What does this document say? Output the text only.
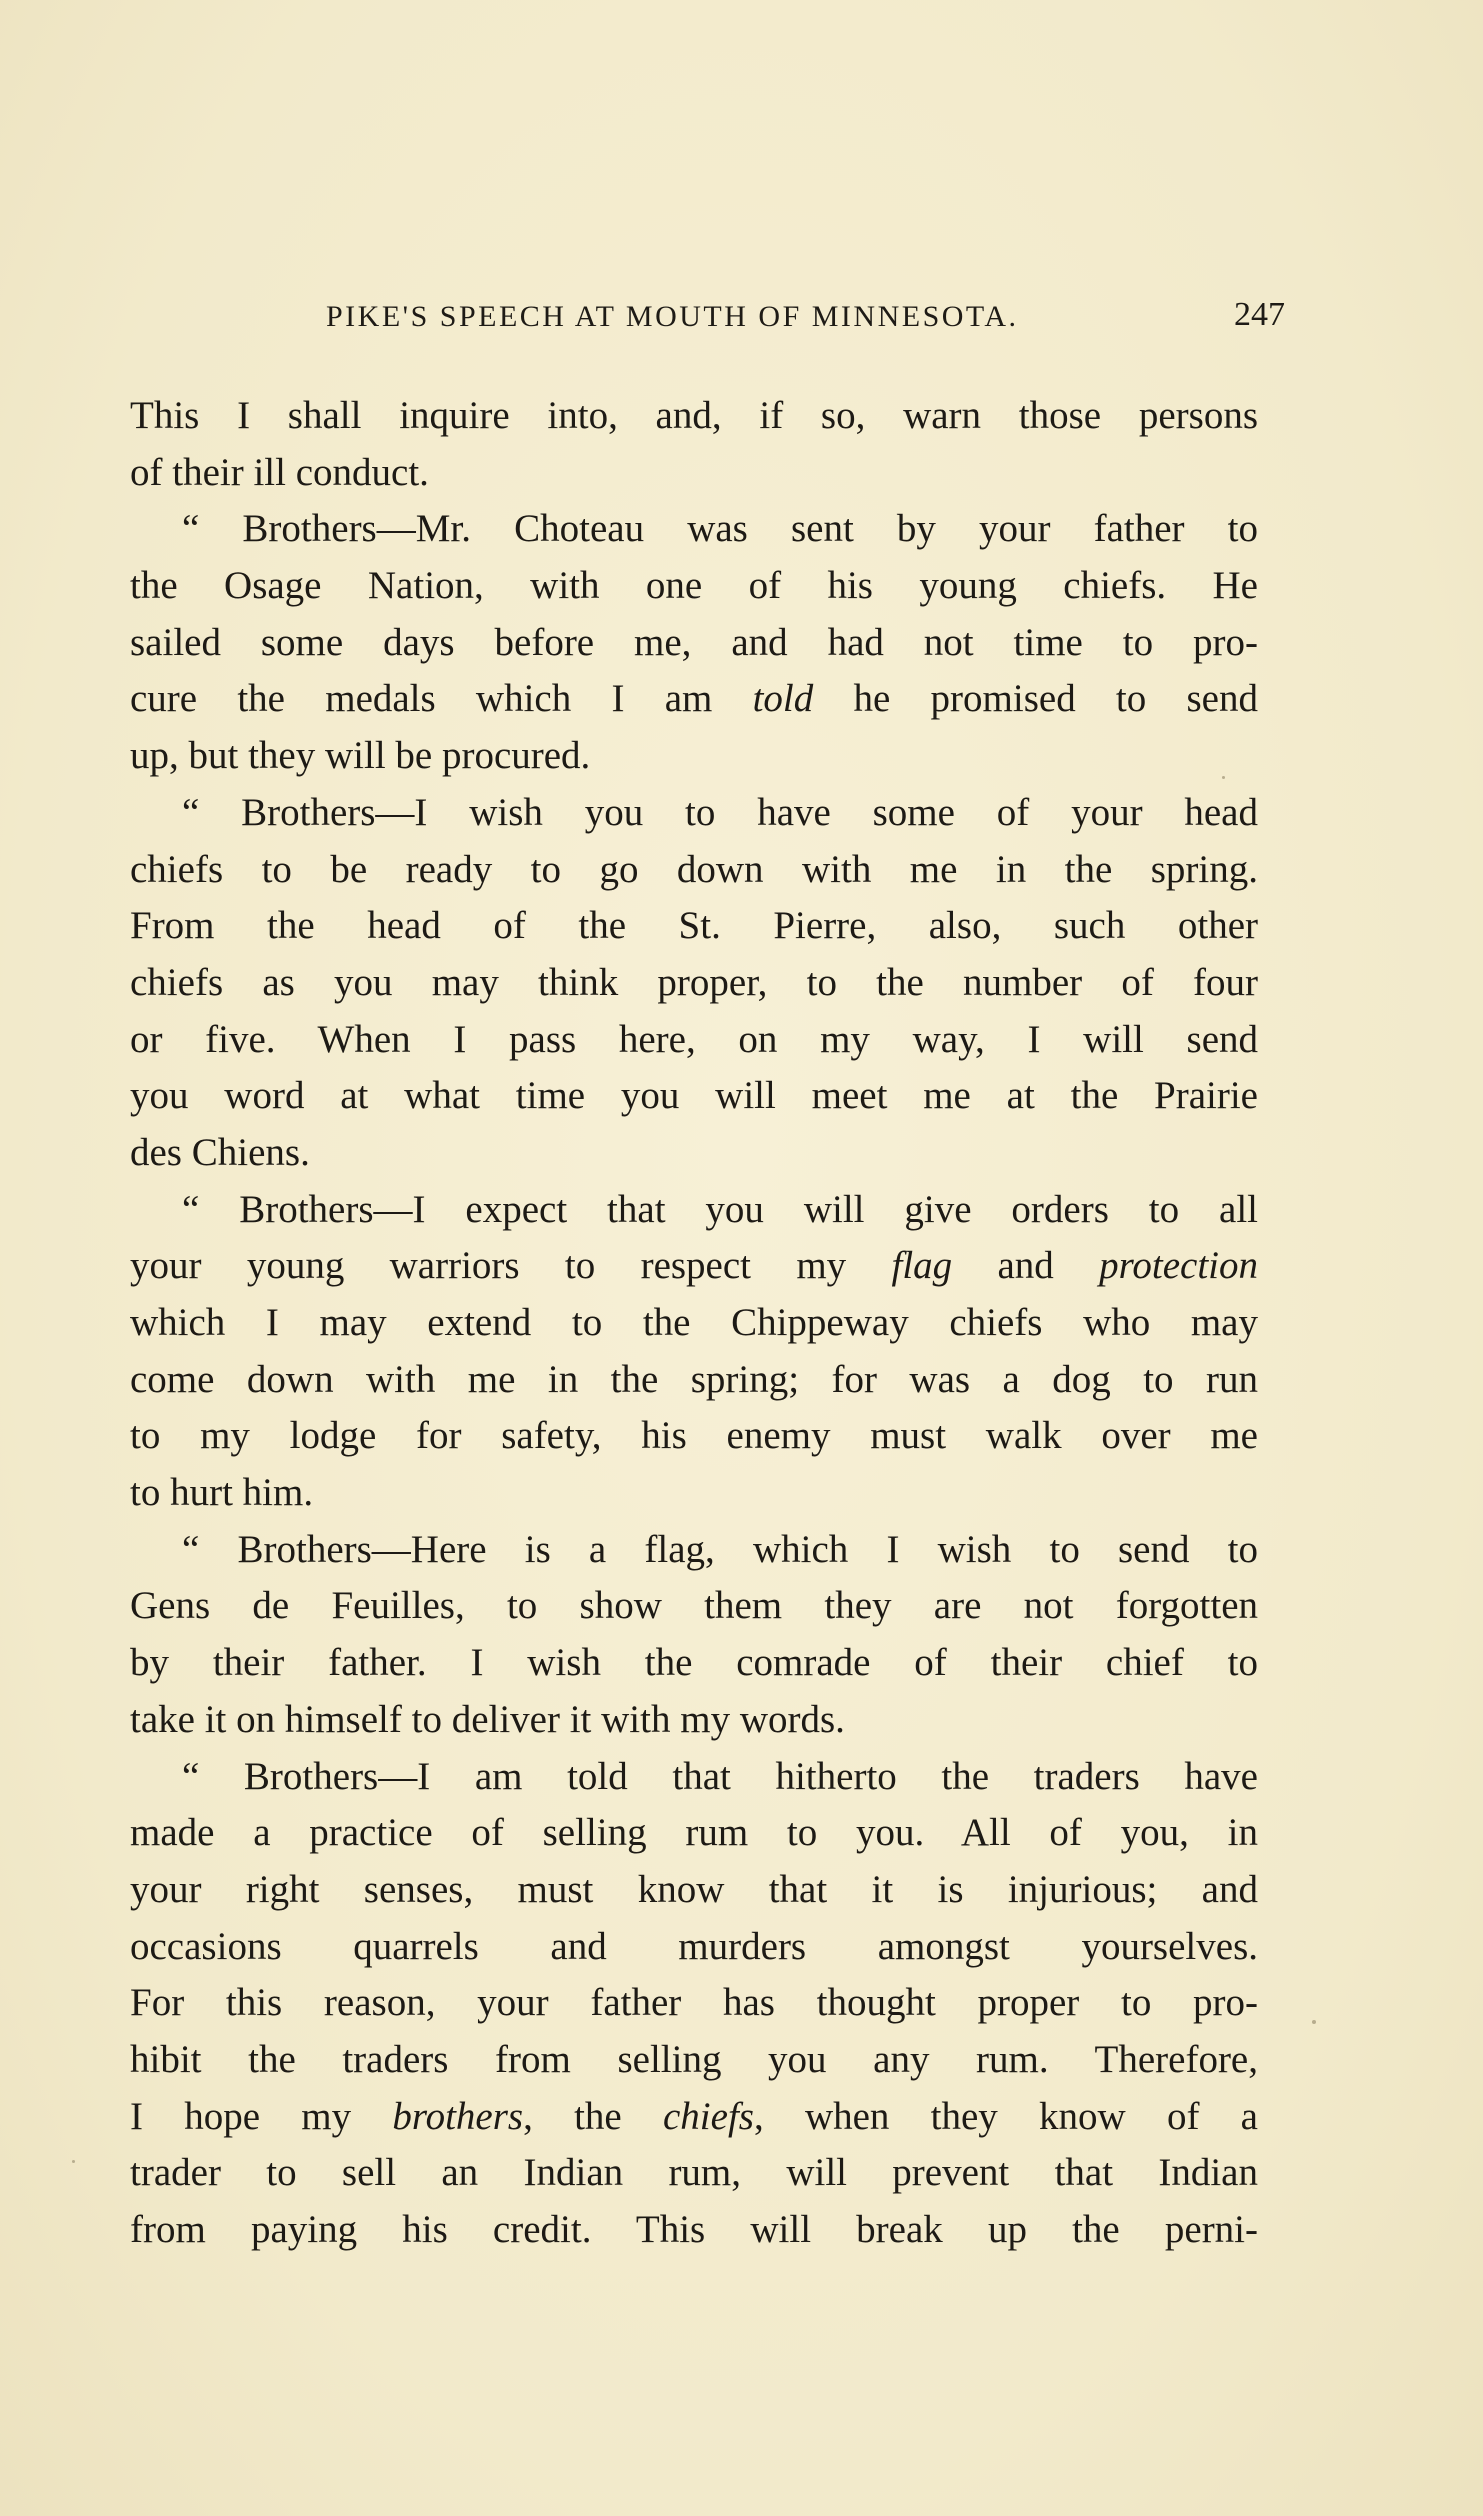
PIKE'S SPEECH AT MOUTH OF MINNESOTA.	247
This I shall inquire into, and, if so, warn those persons
of their ill conduct.
“ Brothers—Mr. Choteau was sent by your father to
the Osage Nation, with one of his young chiefs. He
sailed some days before me, and had not time to pro-
cure the medals which I am told he promised to send
up, but they will be procured.
“ Brothers—I wish you to have some of your head
chiefs to be ready to go down with me in the spring.
From the head of the St. Pierre, also, such other
chiefs as you may think proper, to the number of four
or five. When I pass here, on my way, I will send
you word at what time you will meet me at the Prairie
des Chiens.
“ Brothers—I expect that you will give orders to all
your young warriors to respect my flag and protection
which I may extend to the Chippeway chiefs who may
come down with me in the spring; for was a dog to run
to my lodge for safety, his enemy must walk over me
to hurt him.
“ Brothers—Here is a flag, which I wish to send to
Gens de Feuilles, to show them they are not forgotten
by their father. I wish the comrade of their chief to
take it on himself to deliver it with my words.
“ Brothers—I am told that hitherto the traders have
made a practice of selling rum to you. All of you, in
your right senses, must know that it is injurious; and
occasions quarrels and murders amongst yourselves.
For this reason, your father has thought proper to pro-
hibit the traders from selling you any rum. Therefore,
I hope my brothers, the chiefs, when they know of a
trader to sell an Indian rum, will prevent that Indian
from paying his credit. This will break up the perni-
